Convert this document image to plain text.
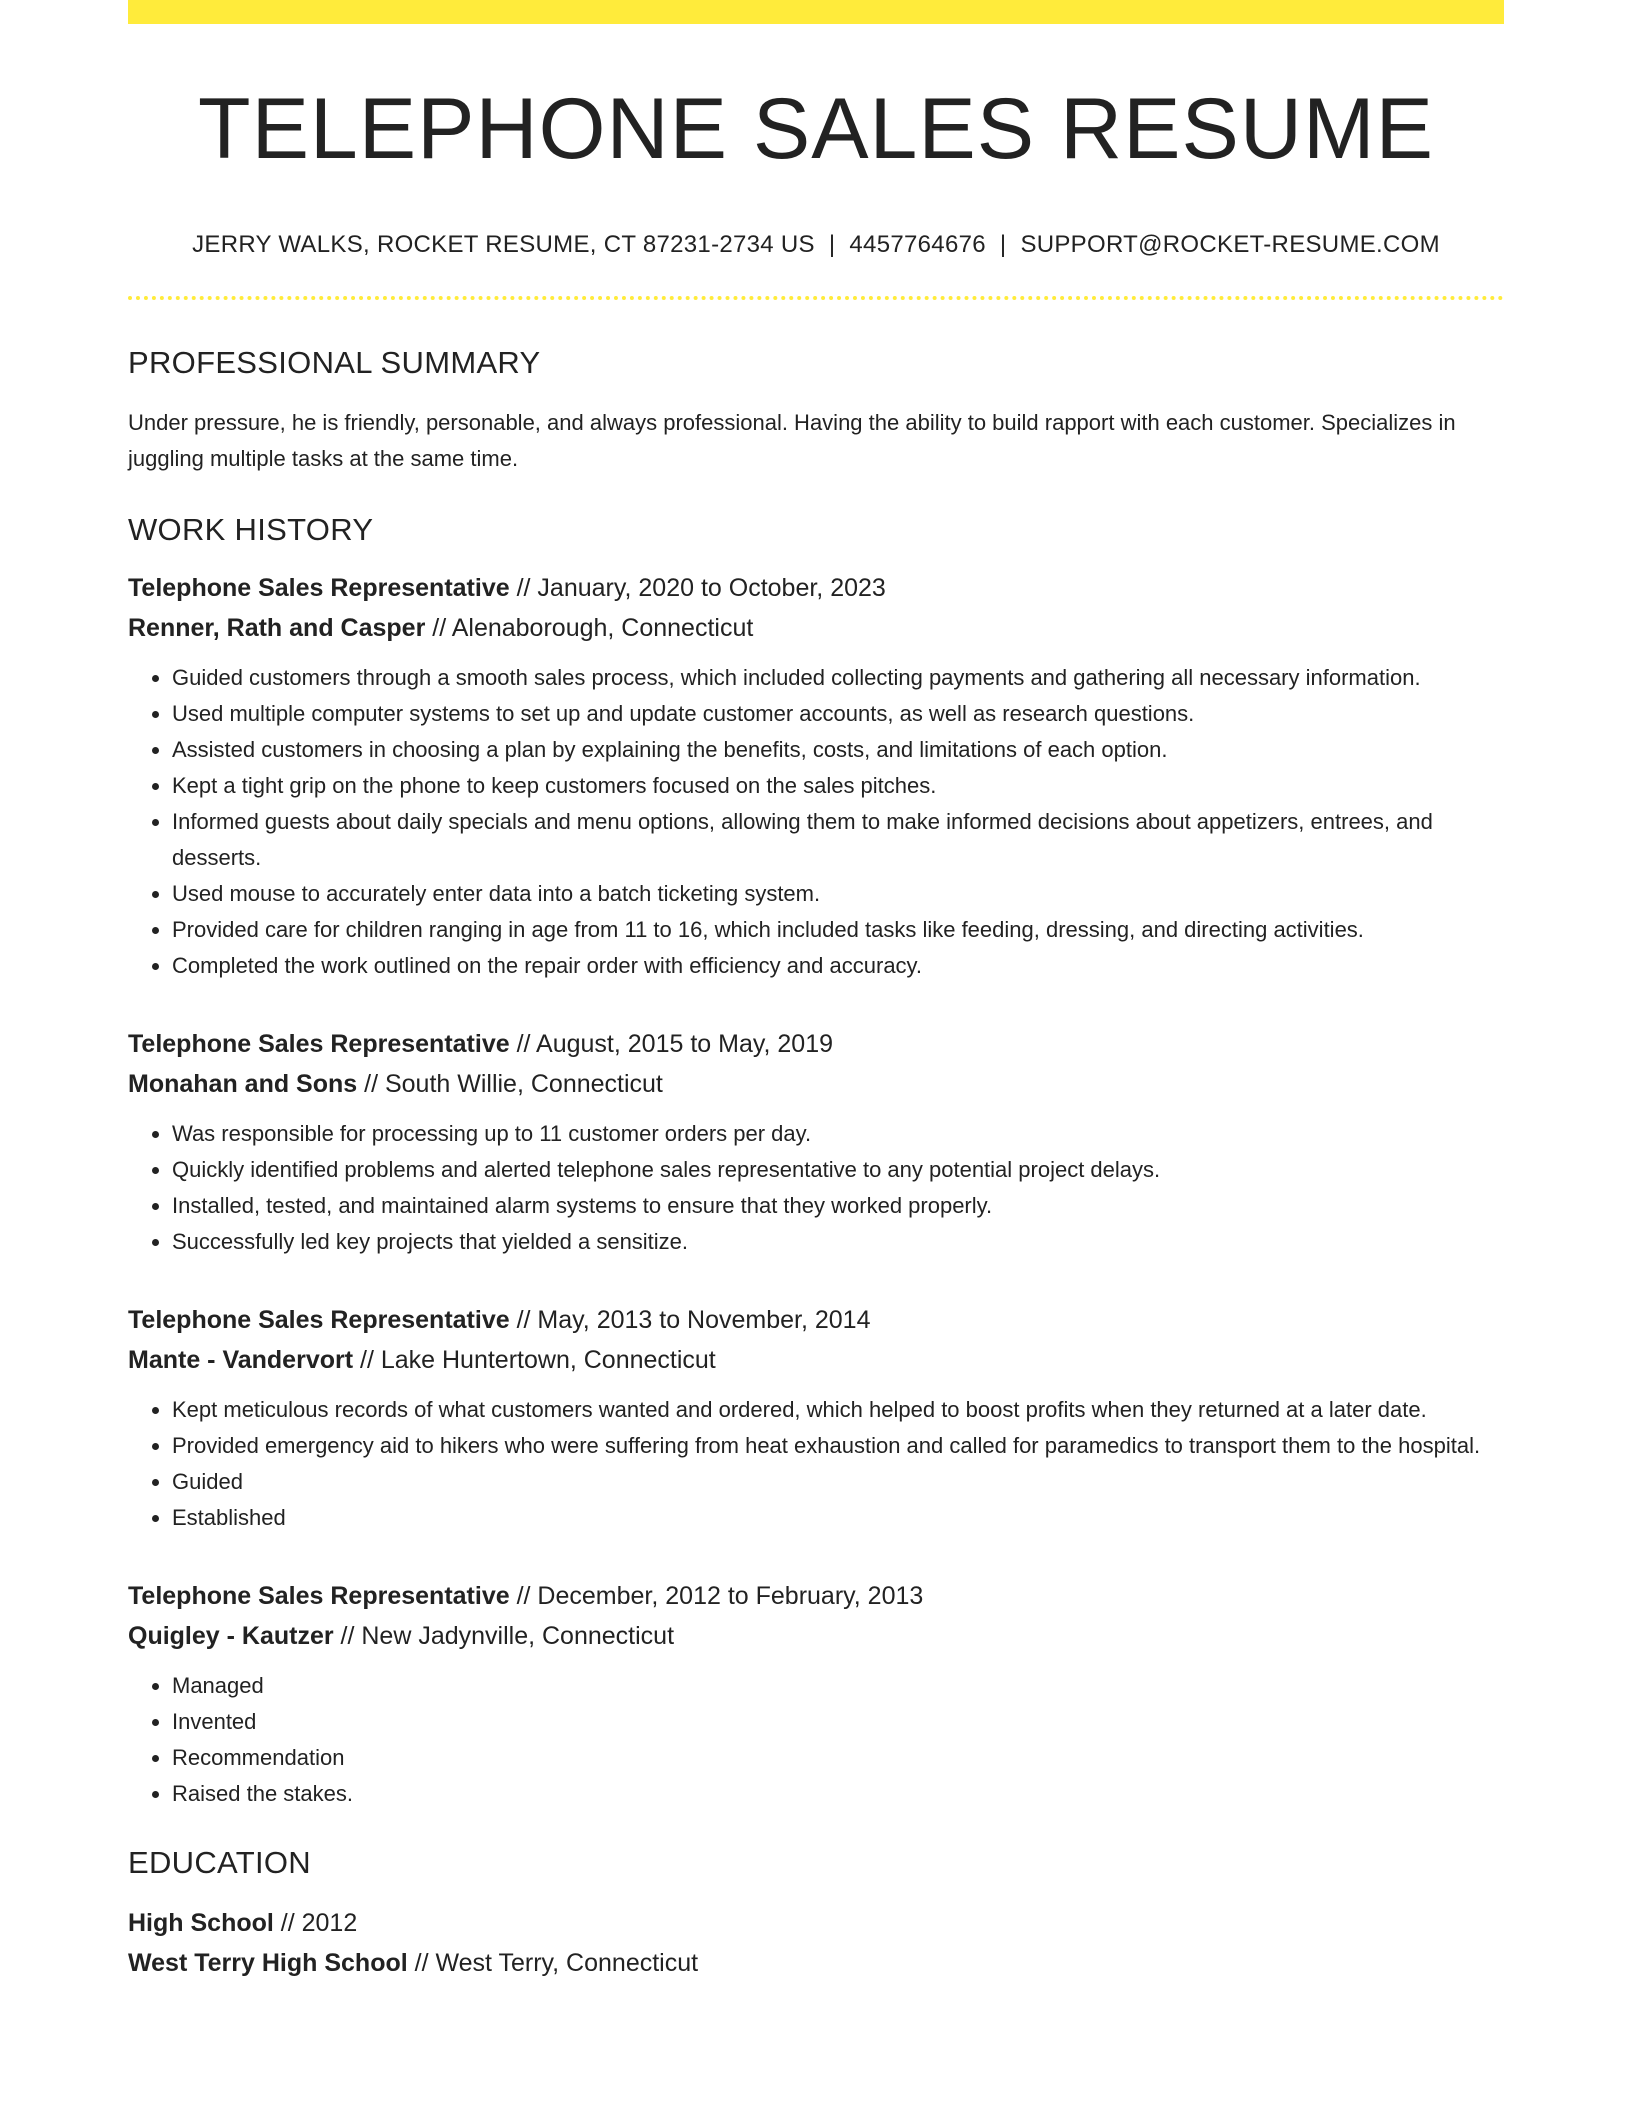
TELEPHONE SALES RESUME
JERRY WALKS, ROCKET RESUME, CT 87231-2734 US | 4457764676 | SUPPORT@ROCKET-RESUME.COM
PROFESSIONAL SUMMARY
Under pressure, he is friendly, personable, and always professional. Having the ability to build rapport with each customer. Specializes in juggling multiple tasks at the same time.
WORK HISTORY
Telephone Sales Representative // January, 2020 to October, 2023
Renner, Rath and Casper // Alenaborough, Connecticut
• Guided customers through a smooth sales process, which included collecting payments and gathering all necessary information.
• Used multiple computer systems to set up and update customer accounts, as well as research questions.
• Assisted customers in choosing a plan by explaining the benefits, costs, and limitations of each option.
• Kept a tight grip on the phone to keep customers focused on the sales pitches.
• Informed guests about daily specials and menu options, allowing them to make informed decisions about appetizers, entrees, and desserts.
• Used mouse to accurately enter data into a batch ticketing system.
• Provided care for children ranging in age from 11 to 16, which included tasks like feeding, dressing, and directing activities.
• Completed the work outlined on the repair order with efficiency and accuracy.
Telephone Sales Representative // August, 2015 to May, 2019
Monahan and Sons // South Willie, Connecticut
• Was responsible for processing up to 11 customer orders per day.
• Quickly identified problems and alerted telephone sales representative to any potential project delays.
• Installed, tested, and maintained alarm systems to ensure that they worked properly.
• Successfully led key projects that yielded a sensitize.
Telephone Sales Representative // May, 2013 to November, 2014
Mante - Vandervort // Lake Huntertown, Connecticut
• Kept meticulous records of what customers wanted and ordered, which helped to boost profits when they returned at a later date.
• Provided emergency aid to hikers who were suffering from heat exhaustion and called for paramedics to transport them to the hospital.
• Guided
• Established
Telephone Sales Representative // December, 2012 to February, 2013
Quigley - Kautzer // New Jadynville, Connecticut
• Managed
• Invented
• Recommendation
• Raised the stakes.
EDUCATION
High School // 2012
West Terry High School // West Terry, Connecticut
